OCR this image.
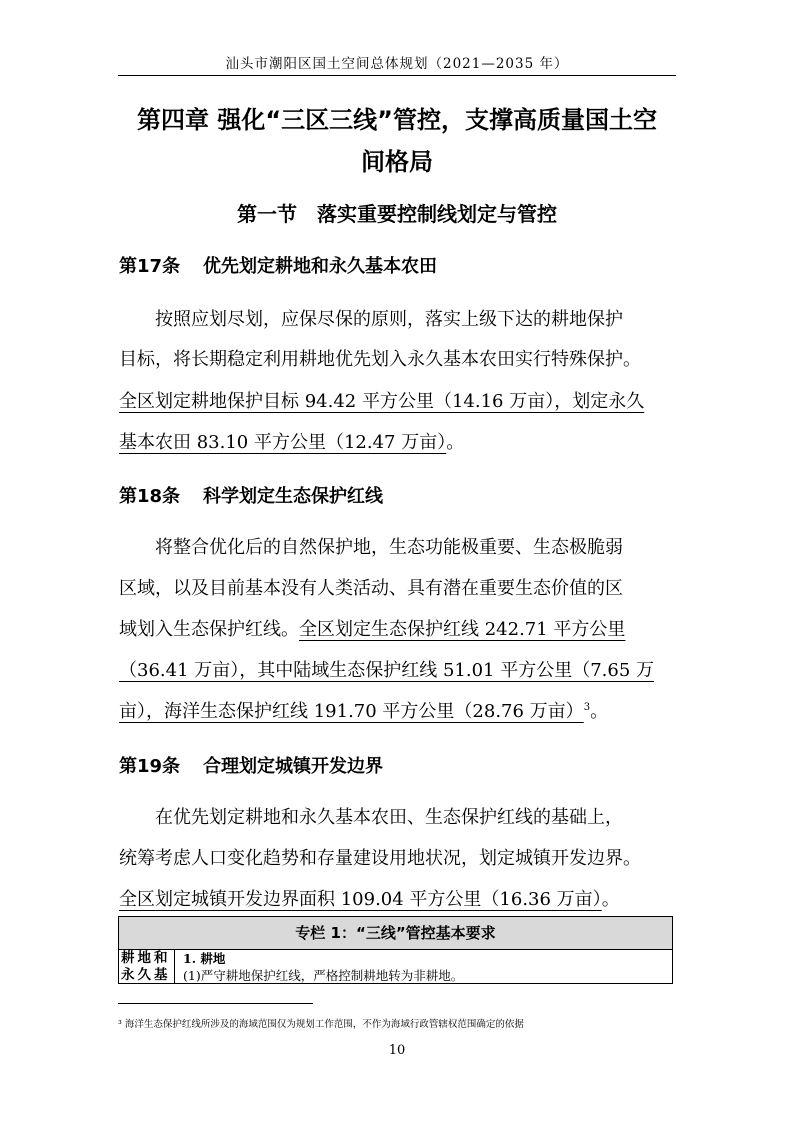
汕头市潮阳区国土空间总体规划（2021—2035 年）
第四章 强化“三区三线”管控，支撑高质量国土空
间格局
第一节　落实重要控制线划定与管控
第17条 优先划定耕地和永久基本农田
　　按照应划尽划，应保尽保的原则，落实上级下达的耕地保护
目标，将长期稳定利用耕地优先划入永久基本农田实行特殊保护。
全区划定耕地保护目标 94.42 平方公里（14.16 万亩），划定永久
基本农田 83.10 平方公里（12.47 万亩）。
第18条 科学划定生态保护红线
　　将整合优化后的自然保护地，生态功能极重要、生态极脆弱
区域，以及目前基本没有人类活动、具有潜在重要生态价值的区
域划入生态保护红线。全区划定生态保护红线 242.71 平方公里
（36.41 万亩），其中陆域生态保护红线 51.01 平方公里（7.65 万
亩），海洋生态保护红线 191.70 平方公里（28.76 万亩）$^3$。
第19条 合理划定城镇开发边界
　　在优先划定耕地和永久基本农田、生态保护红线的基础上，
统筹考虑人口变化趋势和存量建设用地状况，划定城镇开发边界。
全区划定城镇开发边界面积 109.04 平方公里（16.36 万亩）。
专栏 1：“三线”管控基本要求
耕地和
永久基
1. 耕地
(1)严守耕地保护红线，严格控制耕地转为非耕地。
³ 海洋生态保护红线所涉及的海域范围仅为规划工作范围，不作为海域行政管辖权范围确定的依据
10
